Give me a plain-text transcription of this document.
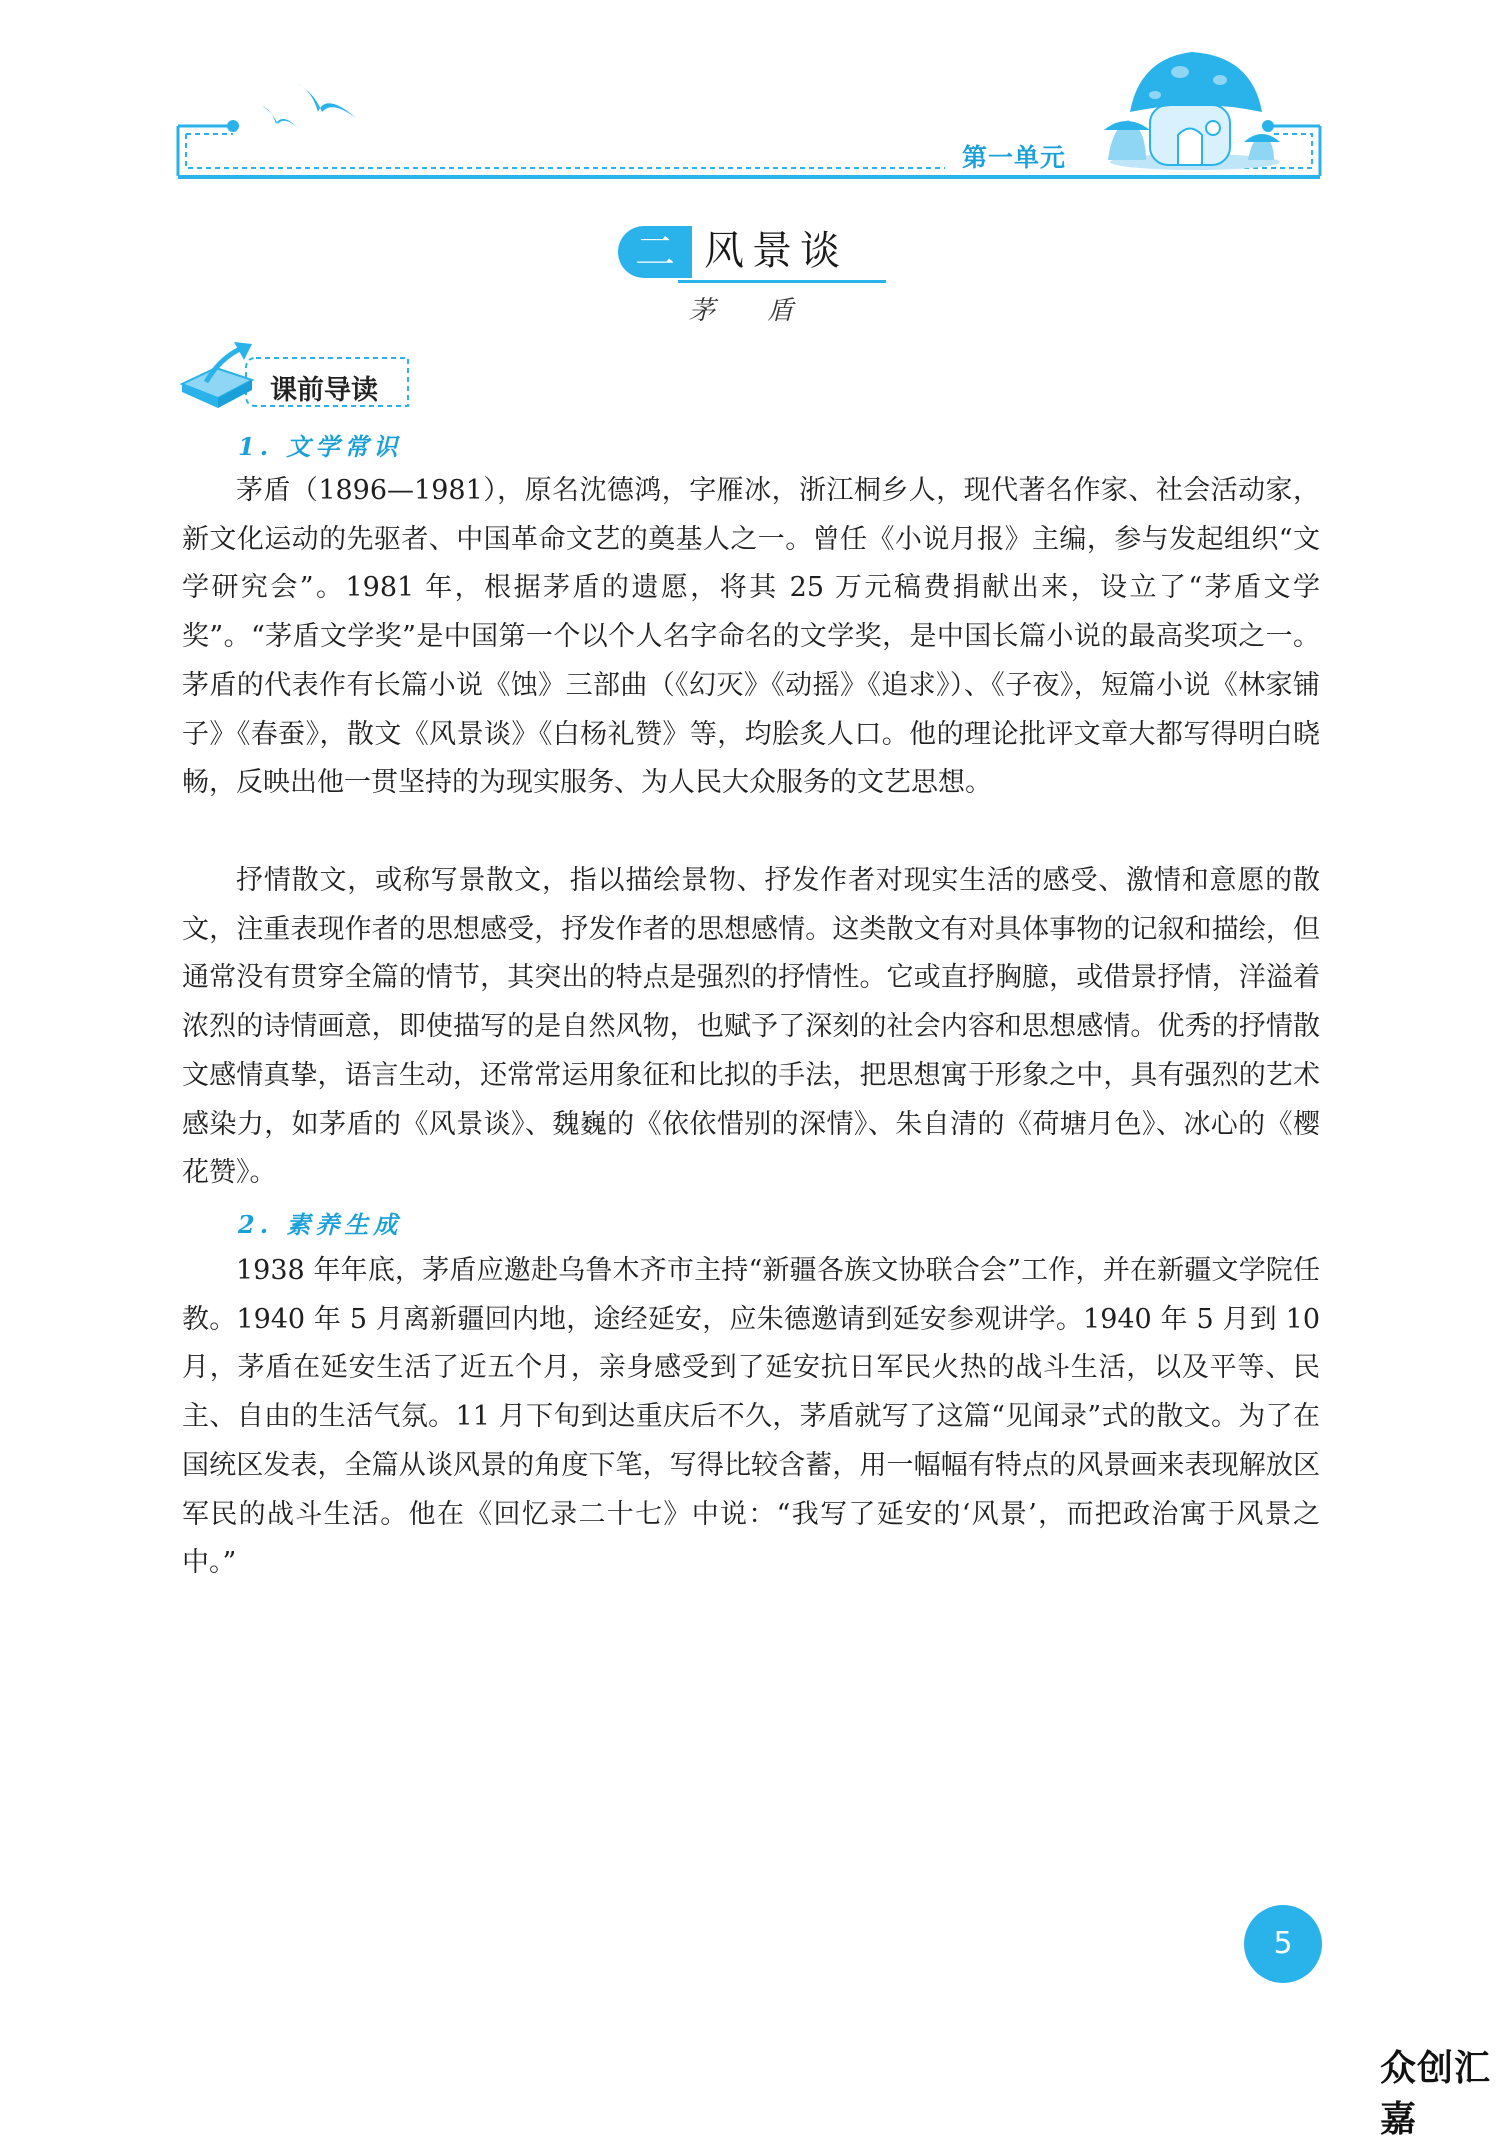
第一单元
二 风景谈
茅 盾
课前导读
1. 文学常识

茅盾（1896—1981），原名沈德鸿，字雁冰，浙江桐乡人，现代著名作家、社会活动家，新文化运动的先驱者、中国革命文艺的奠基人之一。曾任《小说月报》主编，参与发起组织“文学研究会”。1981 年，根据茅盾的遗愿，将其 25 万元稿费捐献出来，设立了“茅盾文学奖”。“茅盾文学奖”是中国第一个以个人名字命名的文学奖，是中国长篇小说的最高奖项之一。茅盾的代表作有长篇小说《蚀》三部曲（《幻灭》《动摇》《追求》）、《子夜》，短篇小说《林家铺子》《春蚕》，散文《风景谈》《白杨礼赞》等，均脍炙人口。他的理论批评文章大都写得明白晓畅，反映出他一贯坚持的为现实服务、为人民大众服务的文艺思想。

抒情散文，或称写景散文，指以描绘景物、抒发作者对现实生活的感受、激情和意愿的散文，注重表现作者的思想感受，抒发作者的思想感情。这类散文有对具体事物的记叙和描绘，但通常没有贯穿全篇的情节，其突出的特点是强烈的抒情性。它或直抒胸臆，或借景抒情，洋溢着浓烈的诗情画意，即使描写的是自然风物，也赋予了深刻的社会内容和思想感情。优秀的抒情散文感情真挚，语言生动，还常常运用象征和比拟的手法，把思想寓于形象之中，具有强烈的艺术感染力，如茅盾的《风景谈》、魏巍的《依依惜别的深情》、朱自清的《荷塘月色》、冰心的《樱花赞》。

2. 素养生成

1938 年年底，茅盾应邀赴乌鲁木齐市主持“新疆各族文协联合会”工作，并在新疆文学院任教。1940 年 5 月离新疆回内地，途经延安，应朱德邀请到延安参观讲学。1940 年 5 月到 10 月，茅盾在延安生活了近五个月，亲身感受到了延安抗日军民火热的战斗生活，以及平等、民主、自由的生活气氛。11 月下旬到达重庆后不久，茅盾就写了这篇“见闻录”式的散文。为了在国统区发表，全篇从谈风景的角度下笔，写得比较含蓄，用一幅幅有特点的风景画来表现解放区军民的战斗生活。他在《回忆录二十七》中说：“我写了延安的‘风景’，而把政治寓于风景之中。”

5
众创汇嘉
